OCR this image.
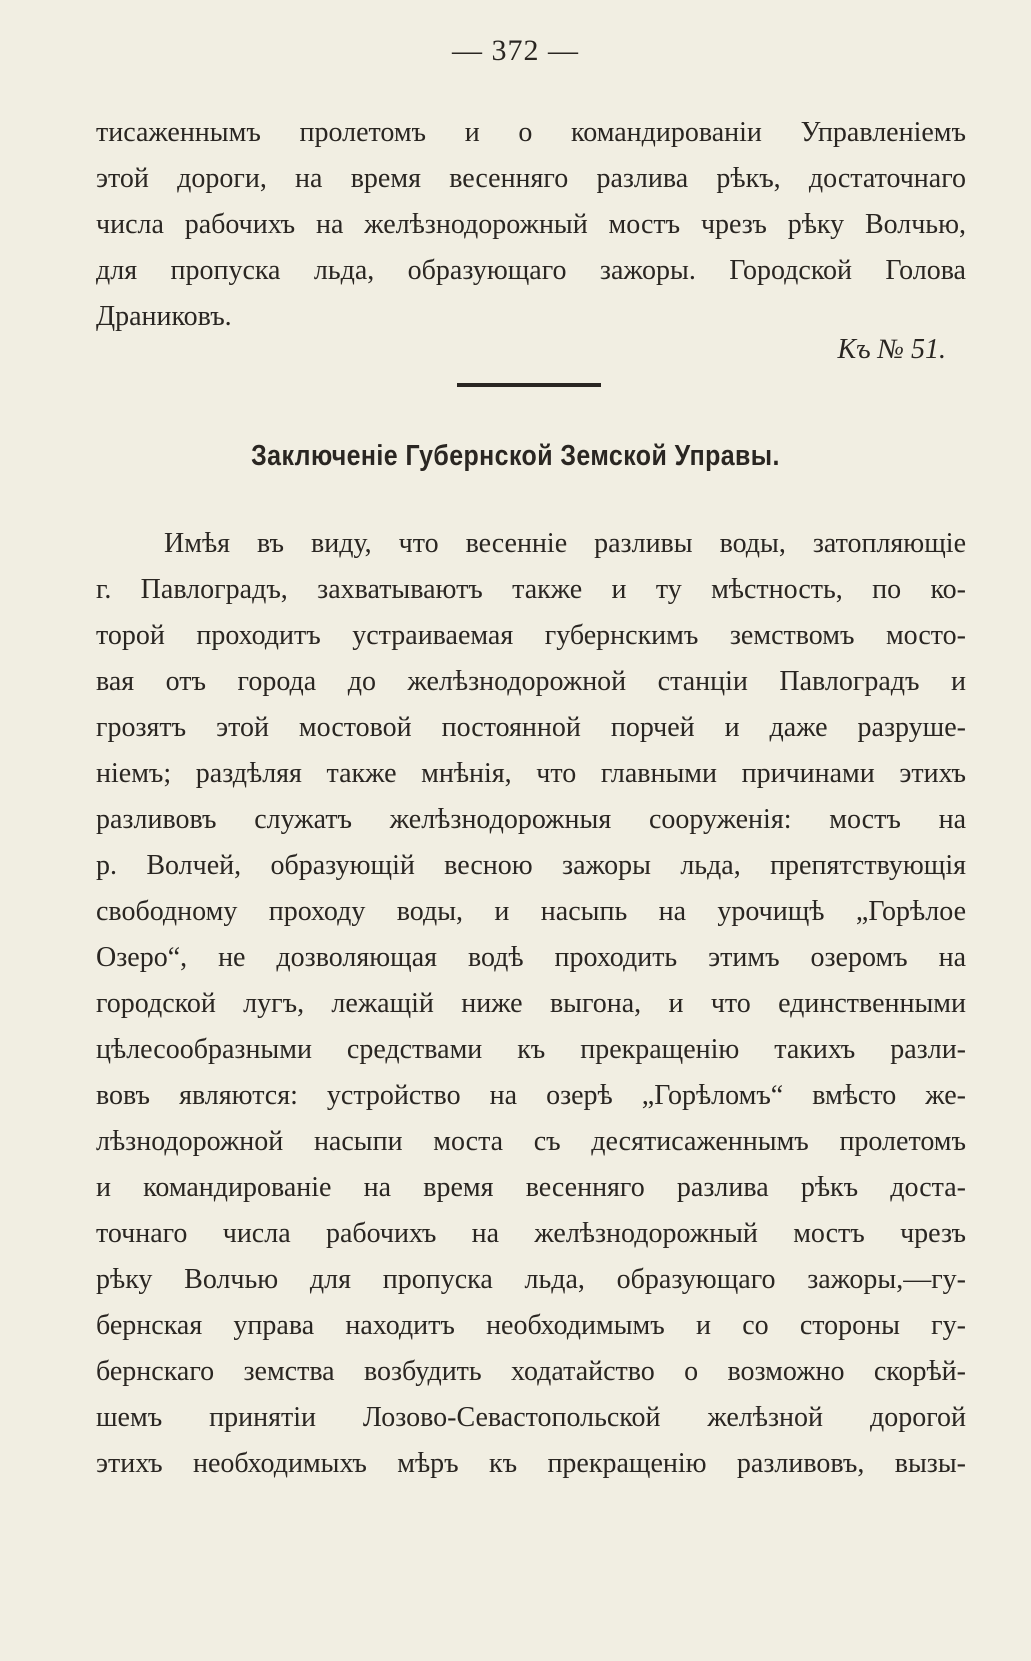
— 372 —
тисаженнымъ пролетомъ и о командированіи Управленіемъ
этой дороги, на время весенняго разлива рѣкъ, достаточнаго
числа рабочихъ на желѣзнодорожный мостъ чрезъ рѣку Волчью,
для пропуска льда, образующаго зажоры. Городской Голова
Драниковъ.
Къ № 51.
Заключеніе Губернской Земской Управы.
Имѣя въ виду, что весенніе разливы воды, затопляющіе
г. Павлоградъ, захватываютъ также и ту мѣстность, по ко-
торой проходитъ устраиваемая губернскимъ земствомъ мосто-
вая отъ города до желѣзнодорожной станціи Павлоградъ и
грозятъ этой мостовой постоянной порчей и даже разруше-
ніемъ; раздѣляя также мнѣнія, что главными причинами этихъ
разливовъ служатъ желѣзнодорожныя сооруженія: мостъ на
р. Волчей, образующій весною зажоры льда, препятствующія
свободному проходу воды, и насыпь на урочищѣ „Горѣлое
Озеро“, не дозволяющая водѣ проходить этимъ озеромъ на
городской лугъ, лежащій ниже выгона, и что единственными
цѣлесообразными средствами къ прекращенію такихъ разли-
вовъ являются: устройство на озерѣ „Горѣломъ“ вмѣсто же-
лѣзнодорожной насыпи моста съ десятисаженнымъ пролетомъ
и командированіе на время весенняго разлива рѣкъ доста-
точнаго числа рабочихъ на желѣзнодорожный мостъ чрезъ
рѣку Волчью для пропуска льда, образующаго зажоры,—гу-
бернская управа находитъ необходимымъ и со стороны гу-
бернскаго земства возбудить ходатайство о возможно скорѣй-
шемъ принятіи Лозово-Севастопольской желѣзной дорогой
этихъ необходимыхъ мѣръ къ прекращенію разливовъ, вызы-
